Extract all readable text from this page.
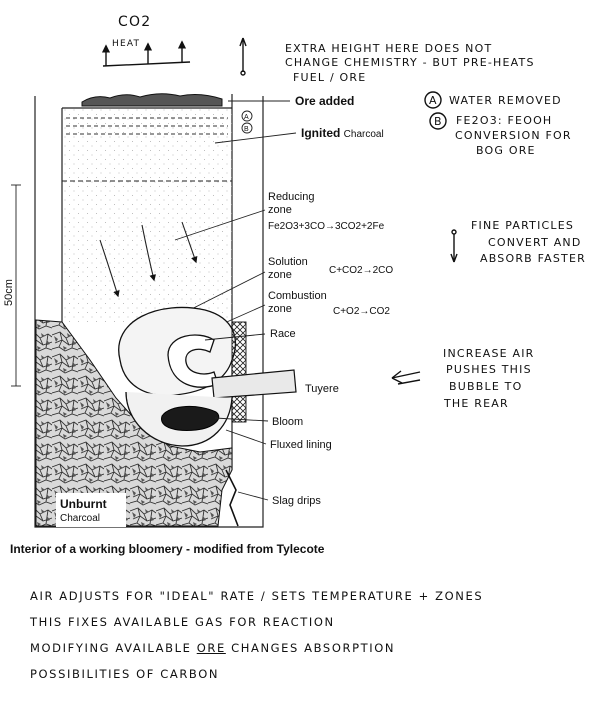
CO2
HEAT	EXTRA HEIGHT HERE DOES NOT
CHANGE CHEMISTRY - BUT PRE-HEATS
FUEL / ORE
A
B
Ore added
Ignited Charcoal
A WATER REMOVED
B FE2O3: FEOOH
CONVERSION FOR
BOG ORE
Reducing
zone
Fe2O3+3CO→3CO2+2Fe	FINE PARTICLES
CONVERT AND
ABSORB FASTER
Solution
zone	C+CO2→2CO
Combustion
zone	C+O2→CO2
50cm
Race
Tuyere
INCREASE AIR
PUSHES THIS
BUBBLE TO
THE REAR
Bloom
Fluxed lining
Slag drips
Unburnt
Charcoal
Interior of a working bloomery - modified from Tylecote
AIR ADJUSTS FOR "IDEAL" RATE / SETS TEMPERATURE + ZONES
THIS FIXES AVAILABLE GAS FOR REACTION
MODIFYING AVAILABLE ORE CHANGES ABSORPTION
POSSIBILITIES OF CARBON
